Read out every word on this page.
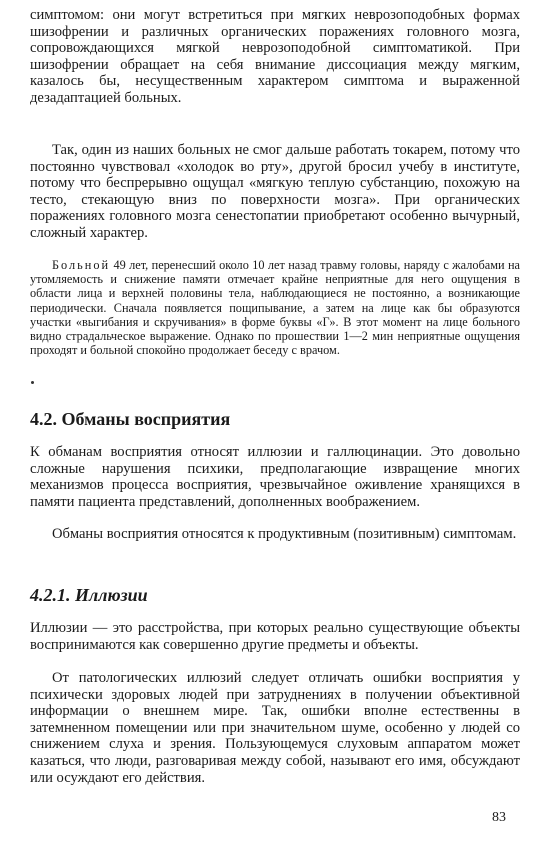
симптомом: они могут встретиться при мягких неврозоподобных формах шизофрении и различных органических поражениях головного мозга, сопровождающихся мягкой неврозоподобной симптоматикой. При шизофрении обращает на себя внимание диссоциация между мягким, казалось бы, несущественным характером симптома и выраженной дезадаптацией больных.

Так, один из наших больных не смог дальше работать токарем, потому что постоянно чувствовал «холодок во рту», другой бросил учебу в институте, потому что беспрерывно ощущал «мягкую теплую субстанцию, похожую на тесто, стекающую вниз по поверхности мозга». При органических поражениях головного мозга сенестопатии приобретают особенно вычурный, сложный характер.

Больной 49 лет, перенесший около 10 лет назад травму головы, наряду с жалобами на утомляемость и снижение памяти отмечает крайне неприятные для него ощущения в области лица и верхней половины тела, наблюдающиеся не постоянно, а возникающие периодически. Сначала появляется пощипывание, а затем на лице как бы образуются участки «выгибания и скручивания» в форме буквы «Г». В этот момент на лице больного видно страдальческое выражение. Однако по прошествии 1—2 мин неприятные ощущения проходят и больной спокойно продолжает беседу с врачом.

4.2. Обманы восприятия

К обманам восприятия относят иллюзии и галлюцинации. Это довольно сложные нарушения психики, предполагающие извращение многих механизмов процесса восприятия, чрезвычайное оживление хранящихся в памяти пациента представлений, дополненных воображением.

Обманы восприятия относятся к продуктивным (позитивным) симптомам.

4.2.1. Иллюзии

Иллюзии — это расстройства, при которых реально существующие объекты воспринимаются как совершенно другие предметы и объекты.

От патологических иллюзий следует отличать ошибки восприятия у психически здоровых людей при затруднениях в получении объективной информации о внешнем мире. Так, ошибки вполне естественны в затемненном помещении или при значительном шуме, особенно у людей со снижением слуха и зрения. Пользующемуся слуховым аппаратом может казаться, что люди, разговаривая между собой, называют его имя, обсуждают или осуждают его действия.

83
